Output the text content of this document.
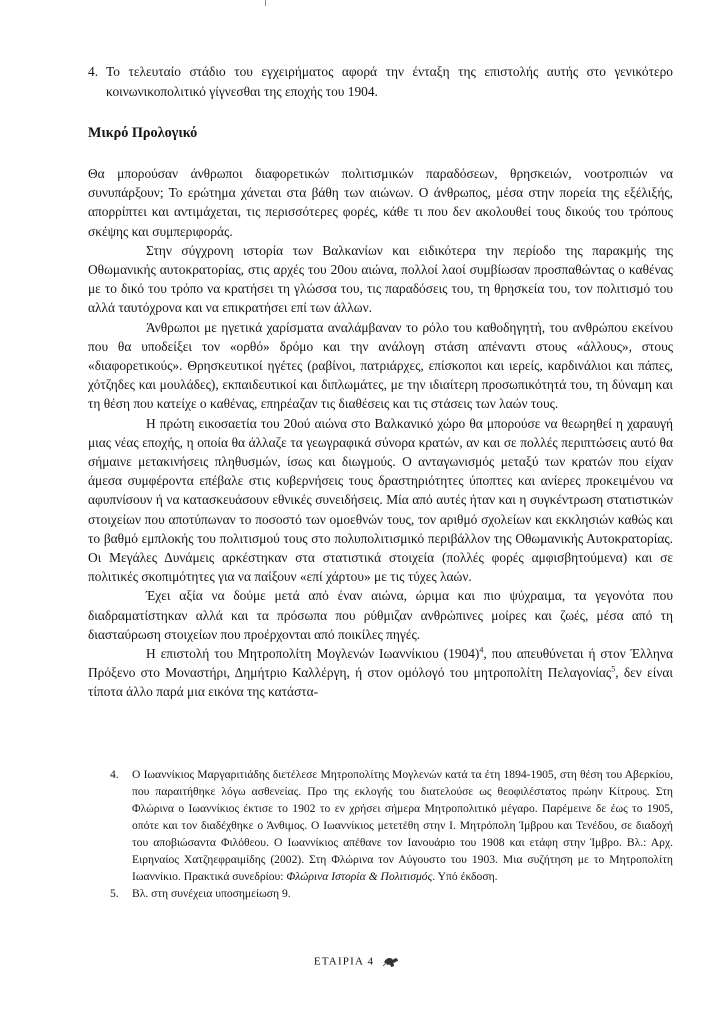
4. Το τελευταίο στάδιο του εγχειρήματος αφορά την ένταξη της επιστολής αυτής στο γενικότερο κοινωνικοπολιτικό γίγνεσθαι της εποχής του 1904.

Μικρό Προλογικό

Θα μπορούσαν άνθρωποι διαφορετικών πολιτισμικών παραδόσεων, θρησκειών, νοοτροπιών να συνυπάρξουν; Το ερώτημα χάνεται στα βάθη των αιώνων. Ο άνθρωπος, μέσα στην πορεία της εξέλιξής, απορρίπτει και αντιμάχεται, τις περισσότερες φορές, κάθε τι που δεν ακολουθεί τους δικούς του τρόπους σκέψης και συμπεριφοράς.

Στην σύγχρονη ιστορία των Βαλκανίων και ειδικότερα την περίοδο της παρακμής της Οθωμανικής αυτοκρατορίας, στις αρχές του 20ου αιώνα, πολλοί λαοί συμβίωσαν προσπαθώντας ο καθένας με το δικό του τρόπο να κρατήσει τη γλώσσα του, τις παραδόσεις του, τη θρησκεία του, τον πολιτισμό του αλλά ταυτόχρονα και να επικρατήσει επί των άλλων.

Άνθρωποι με ηγετικά χαρίσματα αναλάμβαναν το ρόλο του καθοδηγητή, του ανθρώπου εκείνου που θα υποδείξει τον «ορθό» δρόμο και την ανάλογη στάση απέναντι στους «άλλους», στους «διαφορετικούς». Θρησκευτικοί ηγέτες (ραβίνοι, πατριάρχες, επίσκοποι και ιερείς, καρδινάλιοι και πάπες, χότζηδες και μουλάδες), εκπαιδευτικοί και διπλωμάτες, με την ιδιαίτερη προσωπικότητά του, τη δύναμη και τη θέση που κατείχε ο καθένας, επηρέαζαν τις διαθέσεις και τις στάσεις των λαών τους.

Η πρώτη εικοσαετία του 20ού αιώνα στο Βαλκανικό χώρο θα μπορούσε να θεωρηθεί η χαραυγή μιας νέας εποχής, η οποία θα άλλαζε τα γεωγραφικά σύνορα κρατών, αν και σε πολλές περιπτώσεις αυτό θα σήμαινε μετακινήσεις πληθυσμών, ίσως και διωγμούς. Ο ανταγωνισμός μεταξύ των κρατών που είχαν άμεσα συμφέροντα επέβαλε στις κυβερνήσεις τους δραστηριότητες ύποπτες και ανίερες προκειμένου να αφυπνίσουν ή να κατασκευάσουν εθνικές συνειδήσεις. Μία από αυτές ήταν και η συγκέντρωση στατιστικών στοιχείων που αποτύπωναν το ποσοστό των ομοεθνών τους, τον αριθμό σχολείων και εκκλησιών καθώς και το βαθμό εμπλοκής του πολιτισμού τους στο πολυπολιτισμικό περιβάλλον της Οθωμανικής Αυτοκρατορίας. Οι Μεγάλες Δυνάμεις αρκέστηκαν στα στατιστικά στοιχεία (πολλές φορές αμφισβητούμενα) και σε πολιτικές σκοπιμότητες για να παίξουν «επί χάρτου» με τις τύχες λαών.

Έχει αξία να δούμε μετά από έναν αιώνα, ώριμα και πιο ψύχραιμα, τα γεγονότα που διαδραματίστηκαν αλλά και τα πρόσωπα που ρύθμιζαν ανθρώπινες μοίρες και ζωές, μέσα από τη διασταύρωση στοιχείων που προέρχονται από ποικίλες πηγές.

Η επιστολή του Μητροπολίτη Μογλενών Ιωαννίκιου (1904)$^4$, που απευθύνεται ή στον Έλληνα Πρόξενο στο Μοναστήρι, Δημήτριο Καλλέργη, ή στον ομόλογό του μητροπολίτη Πελαγονίας$^5$, δεν είναι τίποτα άλλο παρά μια εικόνα της κατάστα-

4. Ο Ιωαννίκιος Μαργαριτιάδης διετέλεσε Μητροπολίτης Μογλενών κατά τα έτη 1894-1905, στη θέση του Αβερκίου, που παραιτήθηκε λόγω ασθενείας. Προ της εκλογής του διατελούσε ως θεοφιλέστατος πρώην Κίτρους. Στη Φλώρινα ο Ιωαννίκιος έκτισε το 1902 το εν χρήσει σήμερα Μητροπολιτικό μέγαρο. Παρέμεινε δε έως το 1905, οπότε και τον διαδέχθηκε ο Άνθιμος. Ο Ιωαννίκιος μετετέθη στην Ι. Μητρόπολη Ίμβρου και Τενέδου, σε διαδοχή του αποβιώσαντα Φιλόθεου. Ο Ιωαννίκιος απέθανε τον Ιανουάριο του 1908 και ετάφη στην Ίμβρο. Βλ.: Αρχ. Ειρηναίος Χατζηεφραιμίδης (2002). Στη Φλώρινα τον Αύγουστο του 1903. Μια συζήτηση με το Μητροπολίτη Ιωαννίκιο. Πρακτικά συνεδρίου: Φλώρινα Ιστορία & Πολιτισμός. Υπό έκδοση.

5. Βλ. στη συνέχεια υποσημείωση 9.

ΕΤΑΙΡΙΑ 4
